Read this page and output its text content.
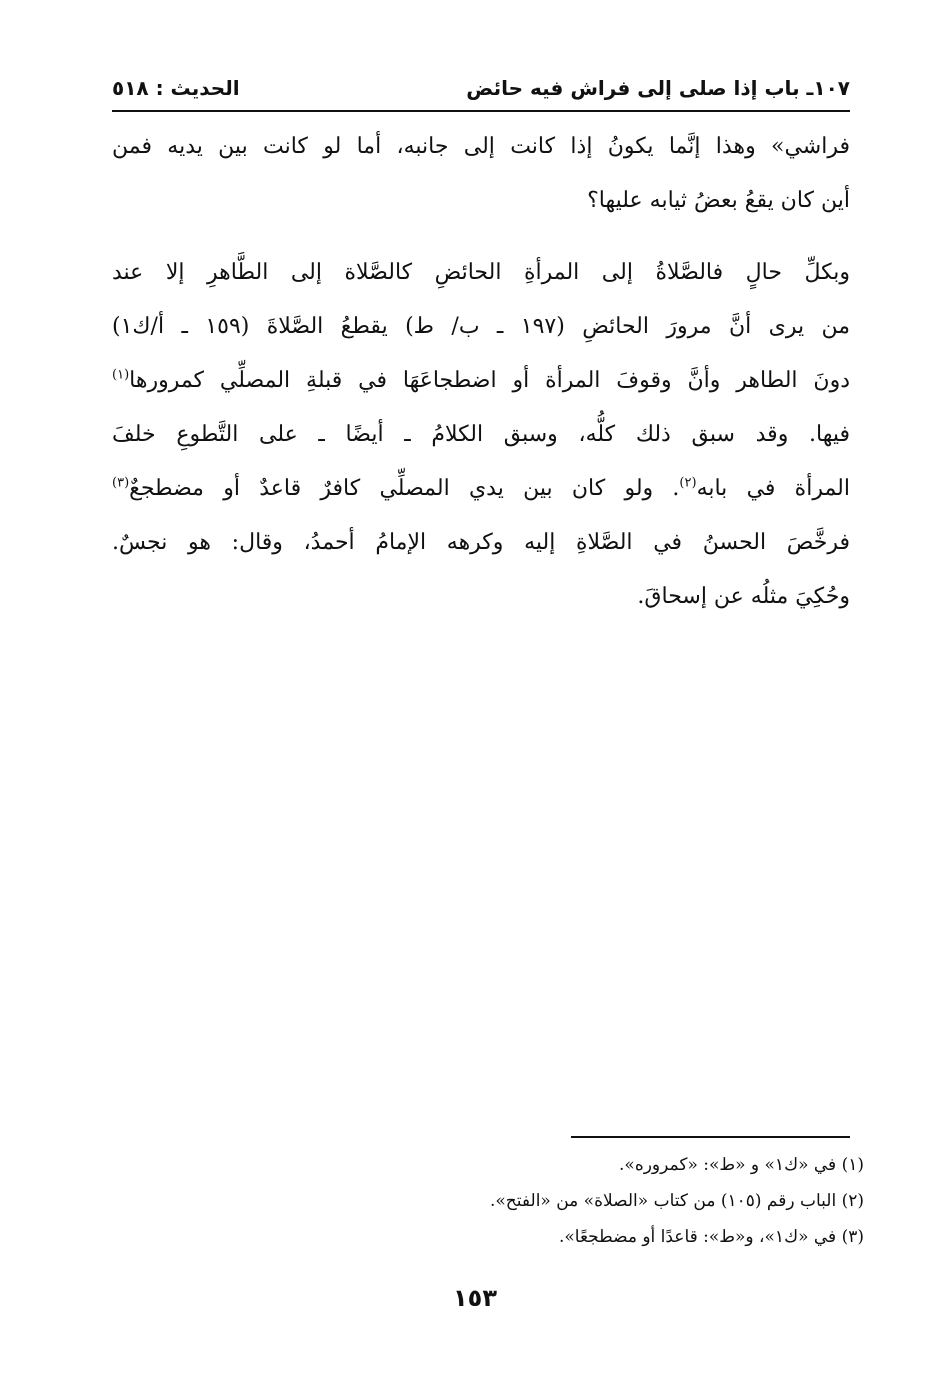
١٠٧ـ باب إذا صلى إلى فراش فيه حائض
الحديث : ٥١٨

فراشي» وهذا إنَّما يكونُ إذا كانت إلى جانبه، أما لو كانت بين يديه فمن
أين كان يقعُ بعضُ ثيابه عليها؟

وبكلِّ حالٍ فالصَّلاةُ إلى المرأةِ الحائضِ كالصَّلاة إلى الطَّاهرِ إلا عند
من يرى أنَّ مرورَ الحائضِ (١٩٧ ـ ب/ ط) يقطعُ الصَّلاةَ (١٥٩ ـ أ/ك١)
دونَ الطاهر وأنَّ وقوفَ المرأة أو اضطجاعَهَا في قبلةِ المصلِّي كمرورها$^{(١)}$
فيها. وقد سبق ذلك كلُّه، وسبق الكلامُ ـ أيضًا ـ على التَّطوعِ خلفَ
المرأة في بابه$^{(٢)}$. ولو كان بين يدي المصلِّي كافرٌ قاعدٌ أو مضطجعٌ$^{(٣)}$
فرخَّصَ الحسنُ في الصَّلاةِ إليه وكرهه الإمامُ أحمدُ، وقال: هو نجسٌ.
وحُكِيَ مثلُه عن إسحاقَ.

(١) في «ك١» و «ط»: «كمروره».
(٢) الباب رقم (١٠٥) من كتاب «الصلاة» من «الفتح».
(٣) في «ك١»، و«ط»: قاعدًا أو مضطجعًا».
١٥٣
